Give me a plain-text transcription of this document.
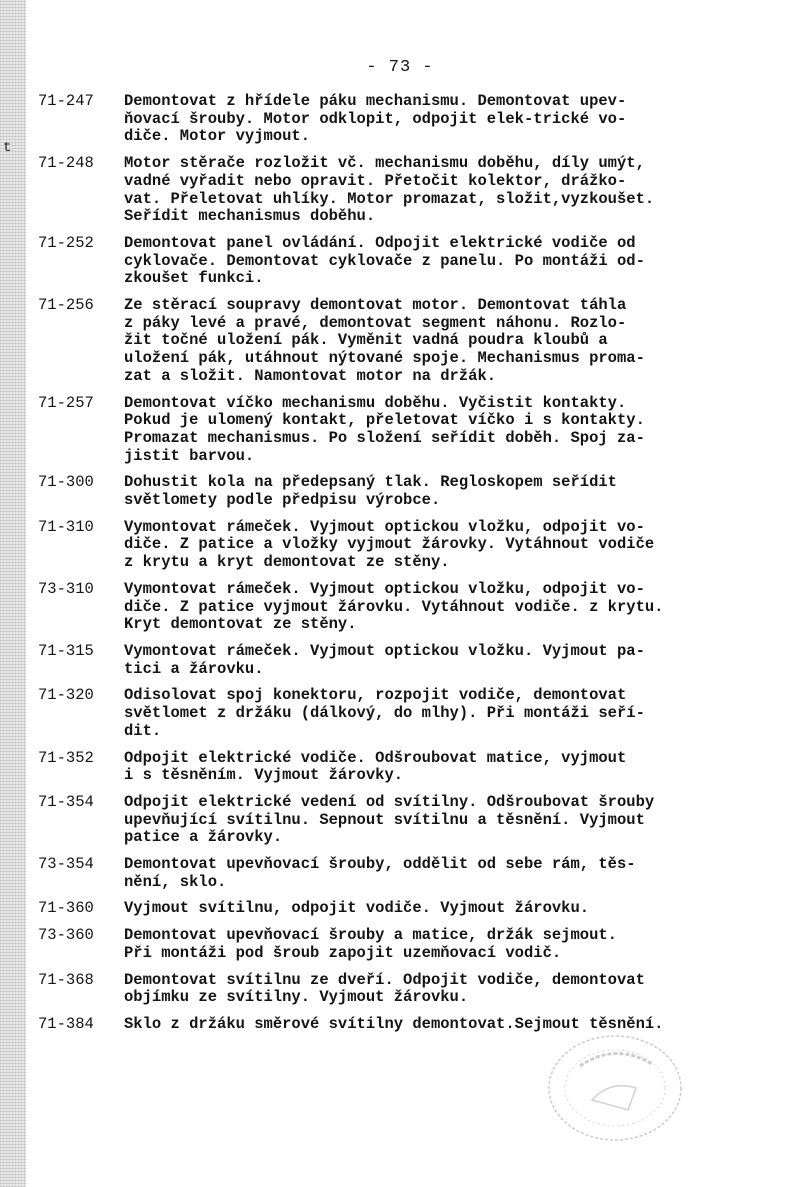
t
- 73 -
71-247	Demontovat z hřídele páku mechanismu. Demontovat upev-
ňovací šrouby. Motor odklopit, odpojit elek-trické vo-
diče. Motor vyjmout.
71-248	Motor stěrače rozložit vč. mechanismu doběhu, díly umýt,
vadné vyřadit nebo opravit. Přetočit kolektor, drážko-
vat. Přeletovat uhlíky. Motor promazat, složit,vyzkoušet.
Seřídit mechanismus doběhu.
71-252	Demontovat panel ovládání. Odpojit elektrické vodiče od
cyklovače. Demontovat cyklovače z panelu. Po montáži od-
zkoušet funkci.
71-256	Ze stěrací soupravy demontovat motor. Demontovat táhla
z páky levé a pravé, demontovat segment náhonu. Rozlo-
žit točné uložení pák. Vyměnit vadná poudra kloubů a
uložení pák, utáhnout nýtované spoje. Mechanismus proma-
zat a složit. Namontovat motor na držák.
71-257	Demontovat víčko mechanismu doběhu. Vyčistit kontakty.
Pokud je ulomený kontakt, přeletovat víčko i s kontakty.
Promazat mechanismus. Po složení seřídit doběh. Spoj za-
jistit barvou.
71-300	Dohustit kola na předepsaný tlak. Regloskopem seřídit
světlomety podle předpisu výrobce.
71-310	Vymontovat rámeček. Vyjmout optickou vložku, odpojit vo-
diče. Z patice a vložky vyjmout žárovky. Vytáhnout vodiče
z krytu a kryt demontovat ze stěny.
73-310	Vymontovat rámeček. Vyjmout optickou vložku, odpojit vo-
diče. Z patice vyjmout žárovku. Vytáhnout vodiče. z krytu.
Kryt demontovat ze stěny.
71-315	Vymontovat rámeček. Vyjmout optickou vložku. Vyjmout pa-
tici a žárovku.
71-320	Odisolovat spoj konektoru, rozpojit vodiče, demontovat
světlomet z držáku (dálkový, do mlhy). Při montáži seří-
dit.
71-352	Odpojit elektrické vodiče. Odšroubovat matice, vyjmout
i s těsněním. Vyjmout žárovky.
71-354	Odpojit elektrické vedení od svítilny. Odšroubovat šrouby
upevňující svítilnu. Sepnout svítilnu a těsnění. Vyjmout
patice a žárovky.
73-354	Demontovat upevňovací šrouby, oddělit od sebe rám, těs-
nění, sklo.
71-360	Vyjmout svítilnu, odpojit vodiče. Vyjmout žárovku.
73-360	Demontovat upevňovací šrouby a matice, držák sejmout.
Při montáži pod šroub zapojit uzemňovací vodič.
71-368	Demontovat svítilnu ze dveří. Odpojit vodiče, demontovat
objímku ze svítilny. Vyjmout žárovku.
71-384	Sklo z držáku směrové svítilny demontovat.Sejmout těsnění.
